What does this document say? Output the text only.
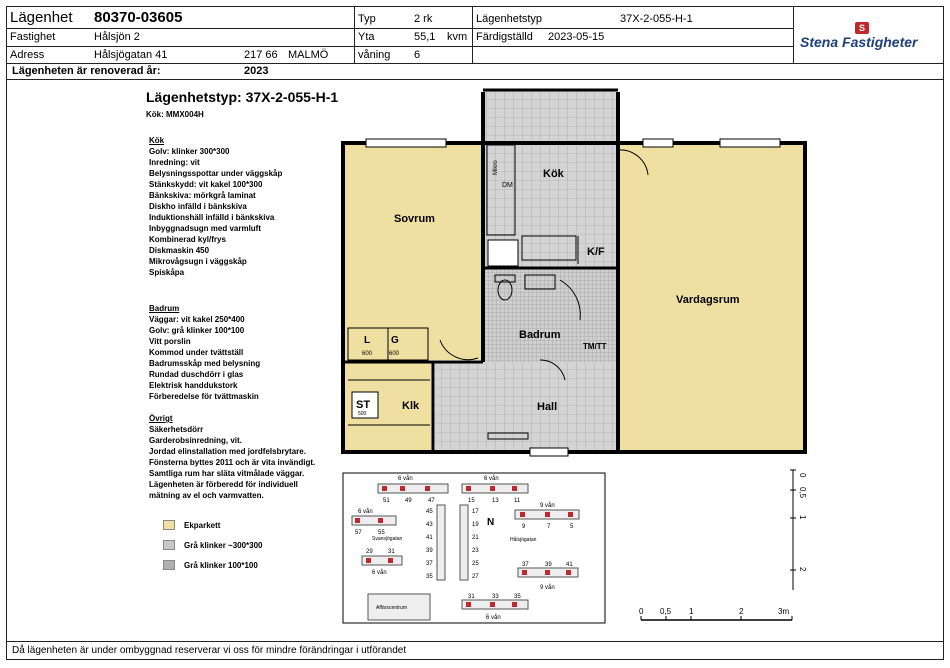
Lägenhet 80370-03605
Fastighet	Hålsjön 2
Adress	Hålsjögatan 41	217 66 MALMÖ
Typ	2 rk
Yta	55,1 kvm
våning 6
Lägenhetstyp	37X-2-055-H-1
Färdigställd 2023-05-15
S
Stena Fastigheter
Lägenheten är renoverad år:	2023
Lägenhetstyp: 37X-2-055-H-1
Kök: MMX004H
Kök
Golv: klinker 300*300
Inredning: vit
Belysningsspottar under väggskåp
Stänkskydd: vit kakel 100*300
Bänkskiva: mörkgrå laminat
Diskho infälld i bänkskiva
Induktionshäll infälld i bänkskiva
Inbyggnadsugn med varmluft
Kombinerad kyl/frys
Diskmaskin 450
Mikrovågsugn i väggskåp
Spiskåpa
Badrum
Väggar: vit kakel 250*400
Golv: grå klinker 100*100
Vitt porslin
Kommod under tvättställ
Badrumsskåp med belysning
Rundad duschdörr i glas
Elektrisk handdukstork
Förberedelse för tvättmaskin
Övrigt
Säkerhetsdörr
Garderobsinredning, vit.
Jordad elinstallation med jordfelsbrytare.
Fönsterna byttes 2011 och är vita invändigt.
Samtliga rum har släta vitmålade väggar.
Lägenheten är förberedd för individuell
mätning av el och varmvatten.
Ekparkett
Grå klinker ~300*300
Grå klinker 100*100
Sovrum
Kök
K/F
Badrum
TM/TT
Hall
Klk
Vardagsrum
L
600
G
600
ST
500
Mikro
DM
6 vån	6 vån
6 vån
9 vån
9 vån
6 vån
6 vån
51	49	47	15	13	11
57	55
9	7	5
45
43
41
39
37
35
17
19
21
23
25
27
29	31
31	33	35
37	39 41
Svansjögatan	Hålsjögatan
Affärscentrum
N
0
0,5
1
2
0 0,5 1	2	3m
Då lägenheten är under ombyggnad reserverar vi oss för mindre förändringar i utförandet
